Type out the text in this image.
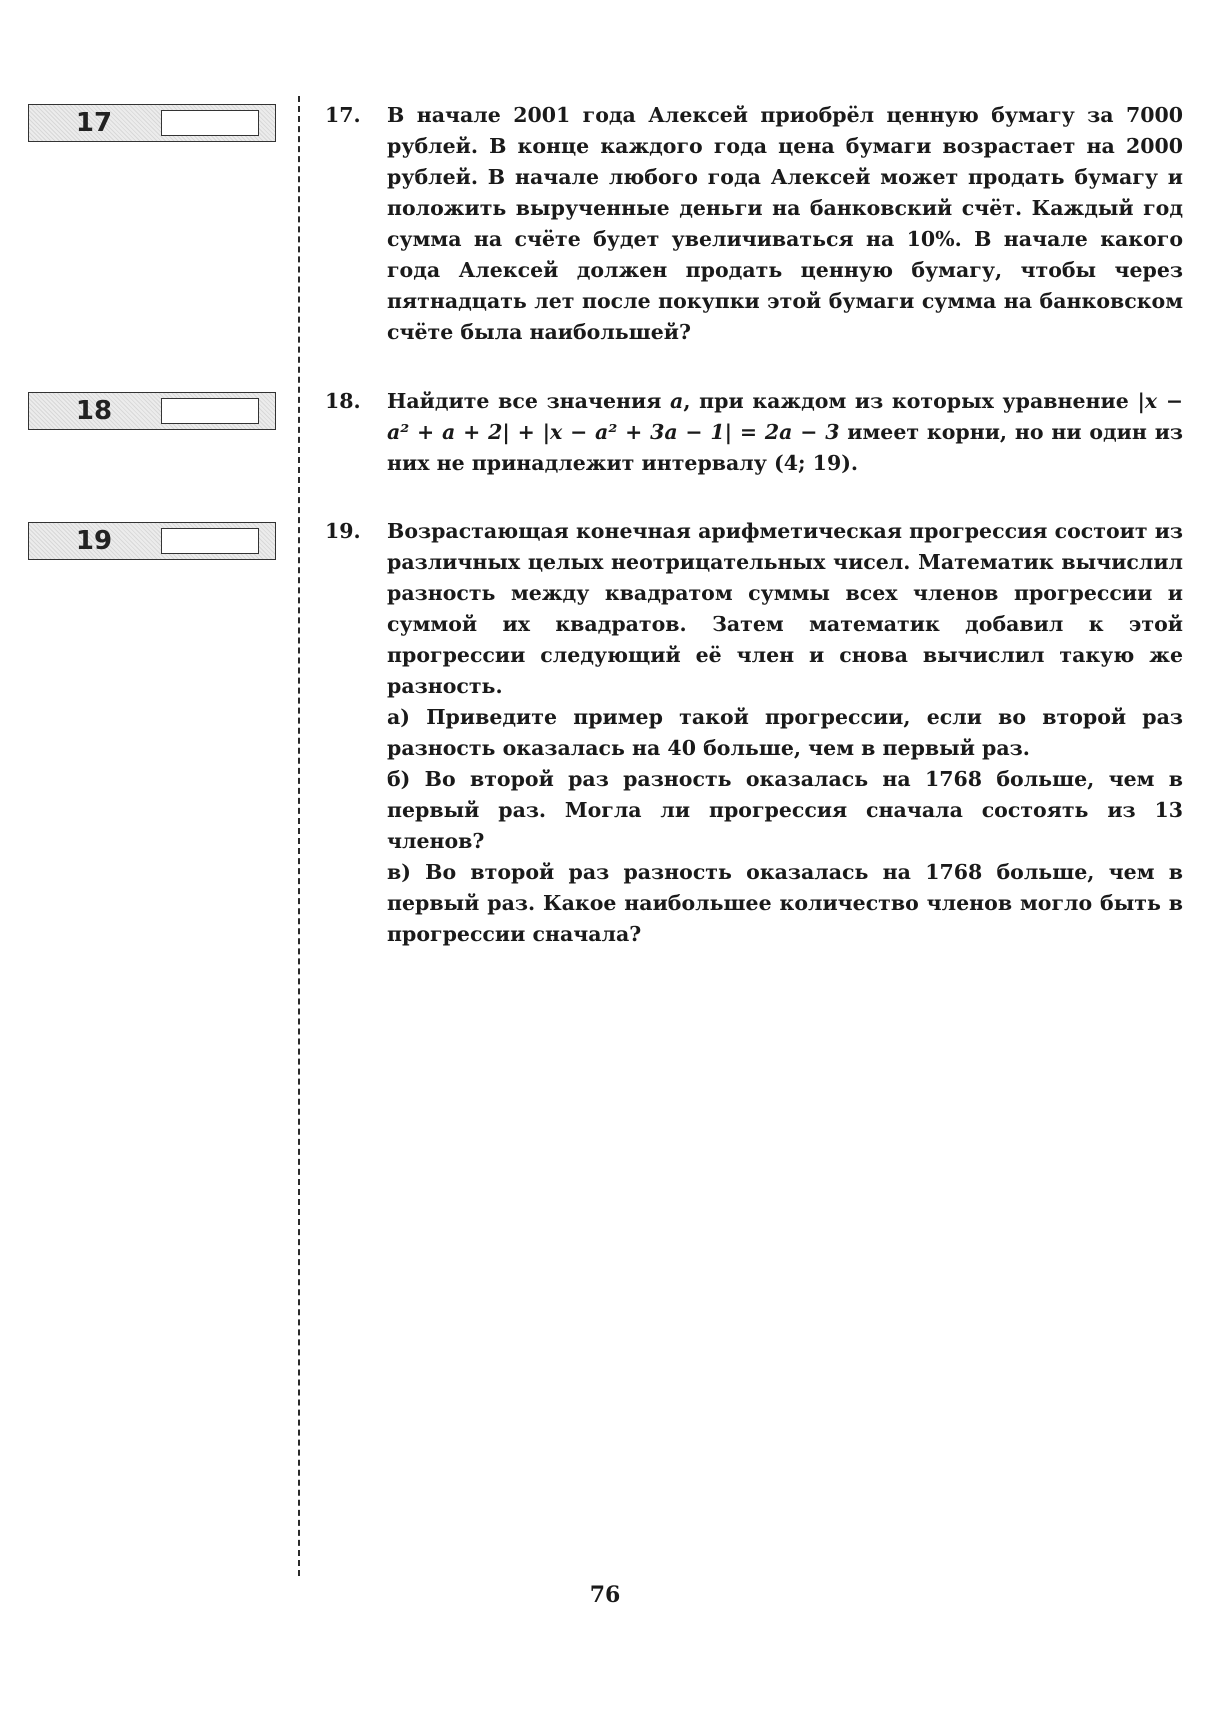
17
18
19
17. В начале 2001 года Алексей приобрёл ценную бумагу за 7000 рублей. В конце каждого года цена бумаги возрастает на 2000 рублей. В начале любого года Алексей может продать бумагу и положить вырученные деньги на банковский счёт. Каждый год сумма на счёте будет увеличиваться на 10%. В начале какого года Алексей должен продать ценную бумагу, чтобы через пятнадцать лет после покупки этой бумаги сумма на банковском счёте была наибольшей?
18. Найдите все значения a, при каждом из которых уравнение |x − a² + a + 2| + |x − a² + 3a − 1| = 2a − 3 имеет корни, но ни один из них не принадлежит интервалу (4; 19).
19. Возрастающая конечная арифметическая прогрессия состоит из различных целых неотрицательных чисел. Математик вычислил разность между квадратом суммы всех членов прогрессии и суммой их квадратов. Затем математик добавил к этой прогрессии следующий её член и снова вычислил такую же разность.

а) Приведите пример такой прогрессии, если во второй раз разность оказалась на 40 больше, чем в первый раз.

б) Во второй раз разность оказалась на 1768 больше, чем в первый раз. Могла ли прогрессия сначала состоять из 13 членов?

в) Во второй раз разность оказалась на 1768 больше, чем в первый раз. Какое наибольшее количество членов могло быть в прогрессии сначала?

76
